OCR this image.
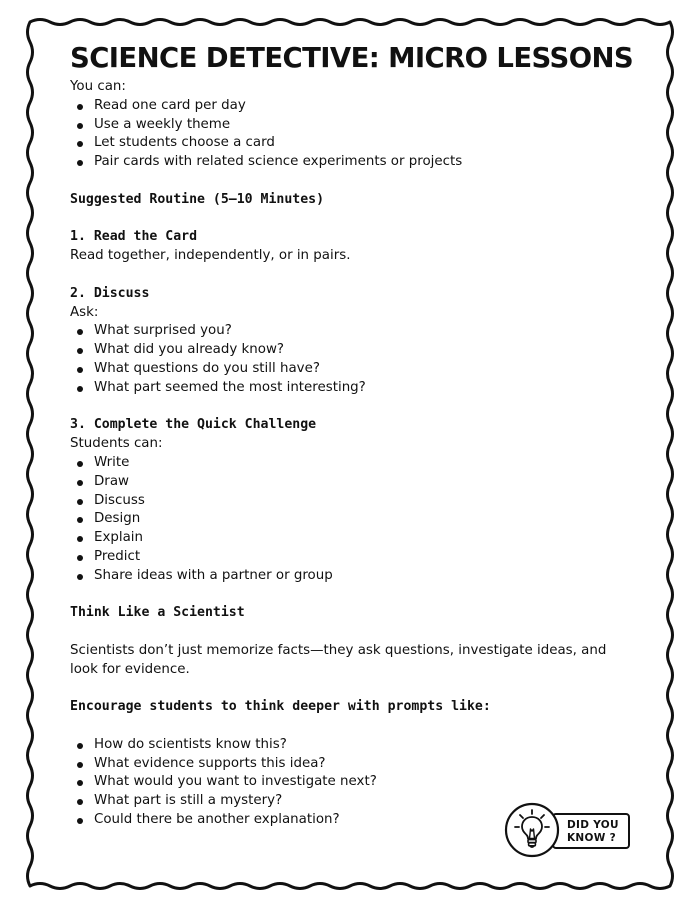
SCIENCE DETECTIVE: MICRO LESSONS
You can:
Read one card per day
Use a weekly theme
Let students choose a card
Pair cards with related science experiments or projects
Suggested Routine (5–10 Minutes)
1. Read the Card
Read together, independently, or in pairs.
2. Discuss
Ask:
What surprised you?
What did you already know?
What questions do you still have?
What part seemed the most interesting?
3. Complete the Quick Challenge
Students can:
Write
Draw
Discuss
Design
Explain
Predict
Share ideas with a partner or group
Think Like a Scientist
Scientists don’t just memorize facts—they ask questions, investigate ideas, and look for evidence.
Encourage students to think deeper with prompts like:
How do scientists know this?
What evidence supports this idea?
What would you want to investigate next?
What part is still a mystery?
Could there be another explanation?	DID YOU
KNOW ?
